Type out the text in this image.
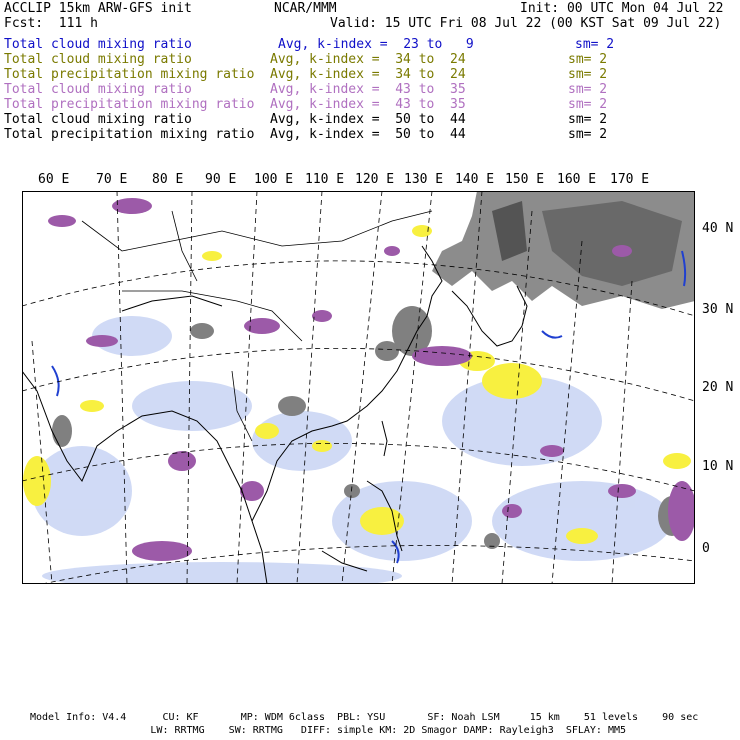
ACCLIP 15km ARW-GFS init	NCAR/MMM	Init: 00 UTC Mon 04 Jul 22
Fcst:  111 h	Valid: 15 UTC Fri 08 Jul 22 (00 KST Sat 09 Jul 22)
Total cloud mixing ratio	Avg, k-index =  23 to   9	sm= 2
Total cloud mixing ratio	Avg, k-index =  34 to  24	sm= 2
Total precipitation mixing ratio Avg, k-index =  34 to  24	sm= 2
Total cloud mixing ratio	Avg, k-index =  43 to  35	sm= 2
Total precipitation mixing ratio Avg, k-index =  43 to  35	sm= 2
Total cloud mixing ratio	Avg, k-index =  50 to  44	sm= 2
Total precipitation mixing ratio Avg, k-index =  50 to  44	sm= 2
60 E 70 E 80 E 90 E 100 E 110 E 120 E 130 E 140 E 150 E 160 E 170 E
40 N
30 N
20 N
10 N
0
Model Info: V4.4      CU: KF       MP: WDM 6class  PBL: YSU       SF: Noah LSM     15 km    51 levels    90 sec
LW: RRTMG    SW: RRTMG   DIFF: simple KM: 2D Smagor DAMP: Rayleigh3  SFLAY: MM5
